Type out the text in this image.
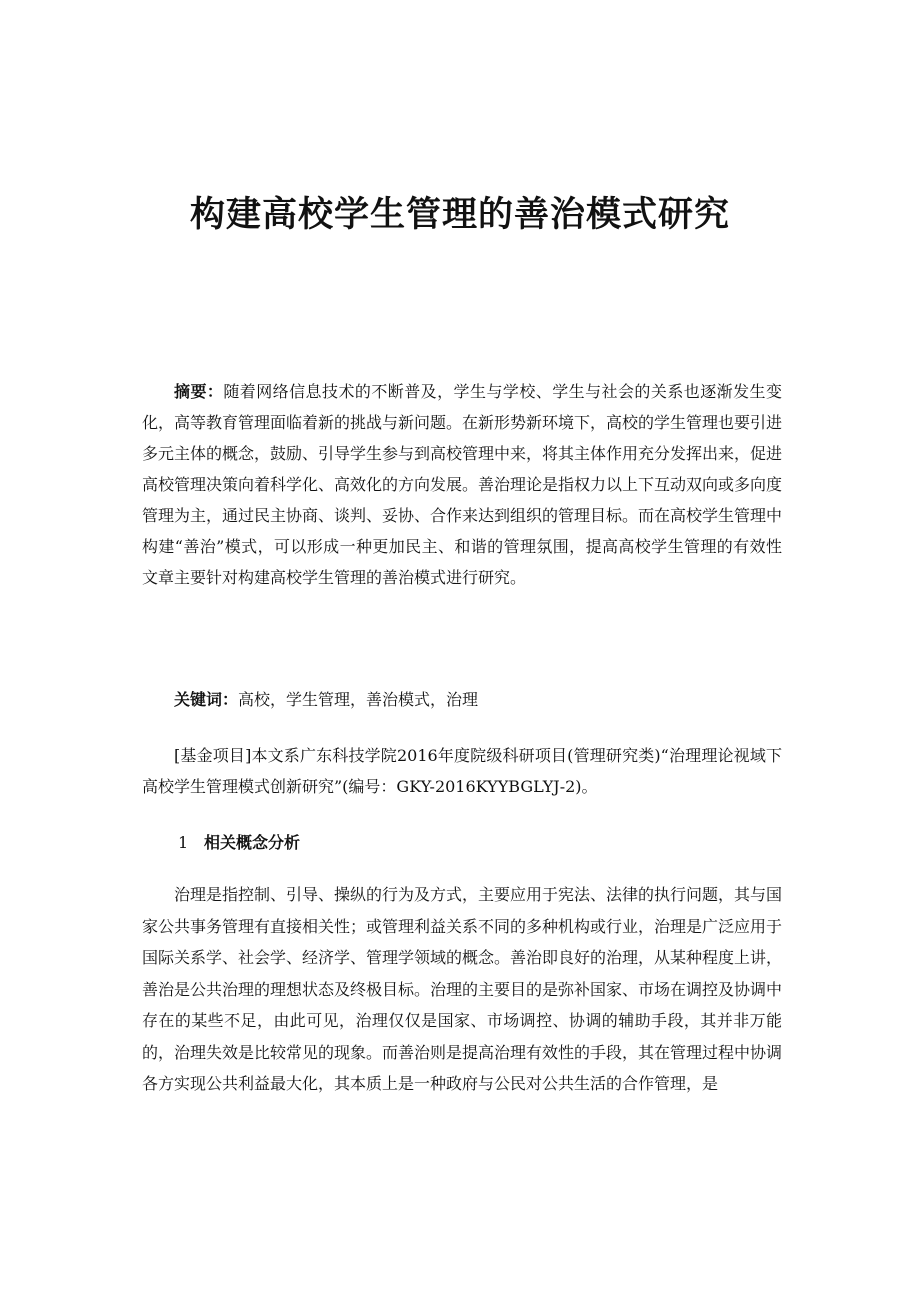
构建高校学生管理的善治模式研究

摘要：随着网络信息技术的不断普及，学生与学校、学生与社会的关系也逐渐发生变化，高等教育管理面临着新的挑战与新问题。在新形势新环境下，高校的学生管理也要引进多元主体的概念，鼓励、引导学生参与到高校管理中来，将其主体作用充分发挥出来，促进高校管理决策向着科学化、高效化的方向发展。善治理论是指权力以上下互动双向或多向度管理为主，通过民主协商、谈判、妥协、合作来达到组织的管理目标。而在高校学生管理中构建“善治”模式，可以形成一种更加民主、和谐的管理氛围，提高高校学生管理的有效性文章主要针对构建高校学生管理的善治模式进行研究。

关键词：高校，学生管理，善治模式，治理

[基金项目]本文系广东科技学院2016年度院级科研项目(管理研究类)“治理理论视域下高校学生管理模式创新研究”(编号：GKY-2016KYYBGLYJ-2)。

1 相关概念分析

治理是指控制、引导、操纵的行为及方式，主要应用于宪法、法律的执行问题，其与国家公共事务管理有直接相关性；或管理利益关系不同的多种机构或行业，治理是广泛应用于国际关系学、社会学、经济学、管理学领域的概念。善治即良好的治理，从某种程度上讲，善治是公共治理的理想状态及终极目标。治理的主要目的是弥补国家、市场在调控及协调中存在的某些不足，由此可见，治理仅仅是国家、市场调控、协调的辅助手段，其并非万能的，治理失效是比较常见的现象。而善治则是提高治理有效性的手段，其在管理过程中协调各方实现公共利益最大化，其本质上是一种政府与公民对公共生活的合作管理，是
